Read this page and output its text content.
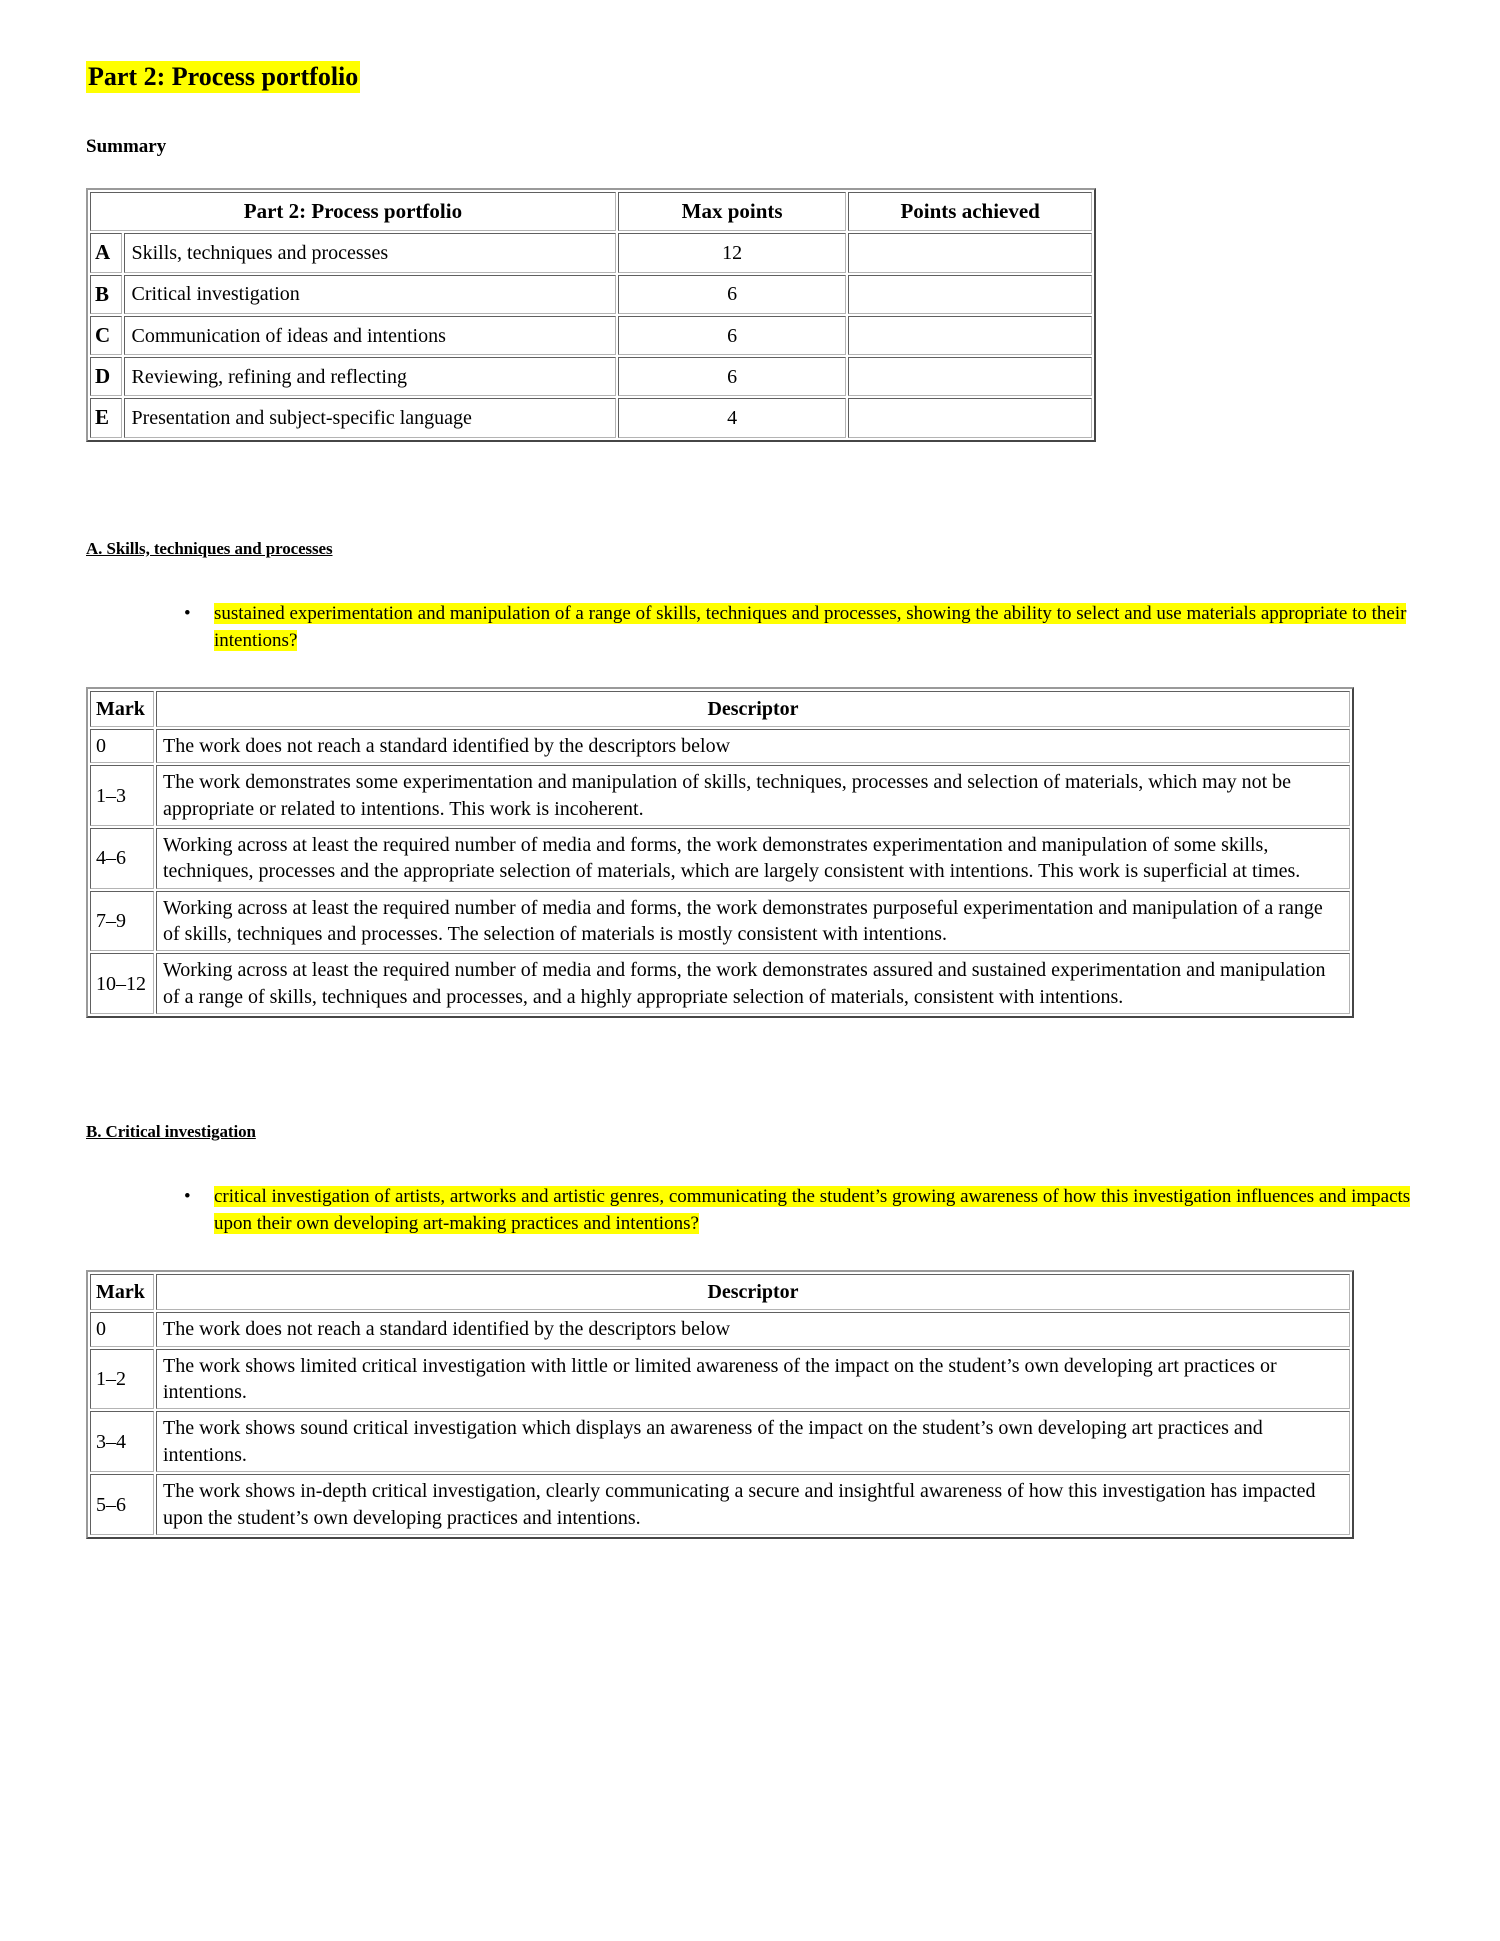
Part 2: Process portfolio
Summary
Part 2: Process portfolio		Max points	Points achieved
A	Skills, techniques and processes	12	
B	Critical investigation	6	
C	Communication of ideas and intentions	6	
D	Reviewing, refining and reflecting	6	
E	Presentation and subject-specific language	4	
A. Skills, techniques and processes
• sustained experimentation and manipulation of a range of skills, techniques and processes, showing the ability to select and use materials appropriate to their intentions?
Mark	Descriptor
0	The work does not reach a standard identified by the descriptors below
1–3	The work demonstrates some experimentation and manipulation of skills, techniques, processes and selection of materials, which may not be appropriate or related to intentions. This work is incoherent.
4–6	Working across at least the required number of media and forms, the work demonstrates experimentation and manipulation of some skills, techniques, processes and the appropriate selection of materials, which are largely consistent with intentions. This work is superficial at times.
7–9	Working across at least the required number of media and forms, the work demonstrates purposeful experimentation and manipulation of a range of skills, techniques and processes. The selection of materials is mostly consistent with intentions.
10–12	Working across at least the required number of media and forms, the work demonstrates assured and sustained experimentation and manipulation of a range of skills, techniques and processes, and a highly appropriate selection of materials, consistent with intentions.
B. Critical investigation
• critical investigation of artists, artworks and artistic genres, communicating the student’s growing awareness of how this investigation influences and impacts upon their own developing art-making practices and intentions?
Mark	Descriptor
0	The work does not reach a standard identified by the descriptors below
1–2	The work shows limited critical investigation with little or limited awareness of the impact on the student’s own developing art practices or intentions.
3–4	The work shows sound critical investigation which displays an awareness of the impact on the student’s own developing art practices and intentions.
5–6	The work shows in-depth critical investigation, clearly communicating a secure and insightful awareness of how this investigation has impacted upon the student’s own developing practices and intentions.
